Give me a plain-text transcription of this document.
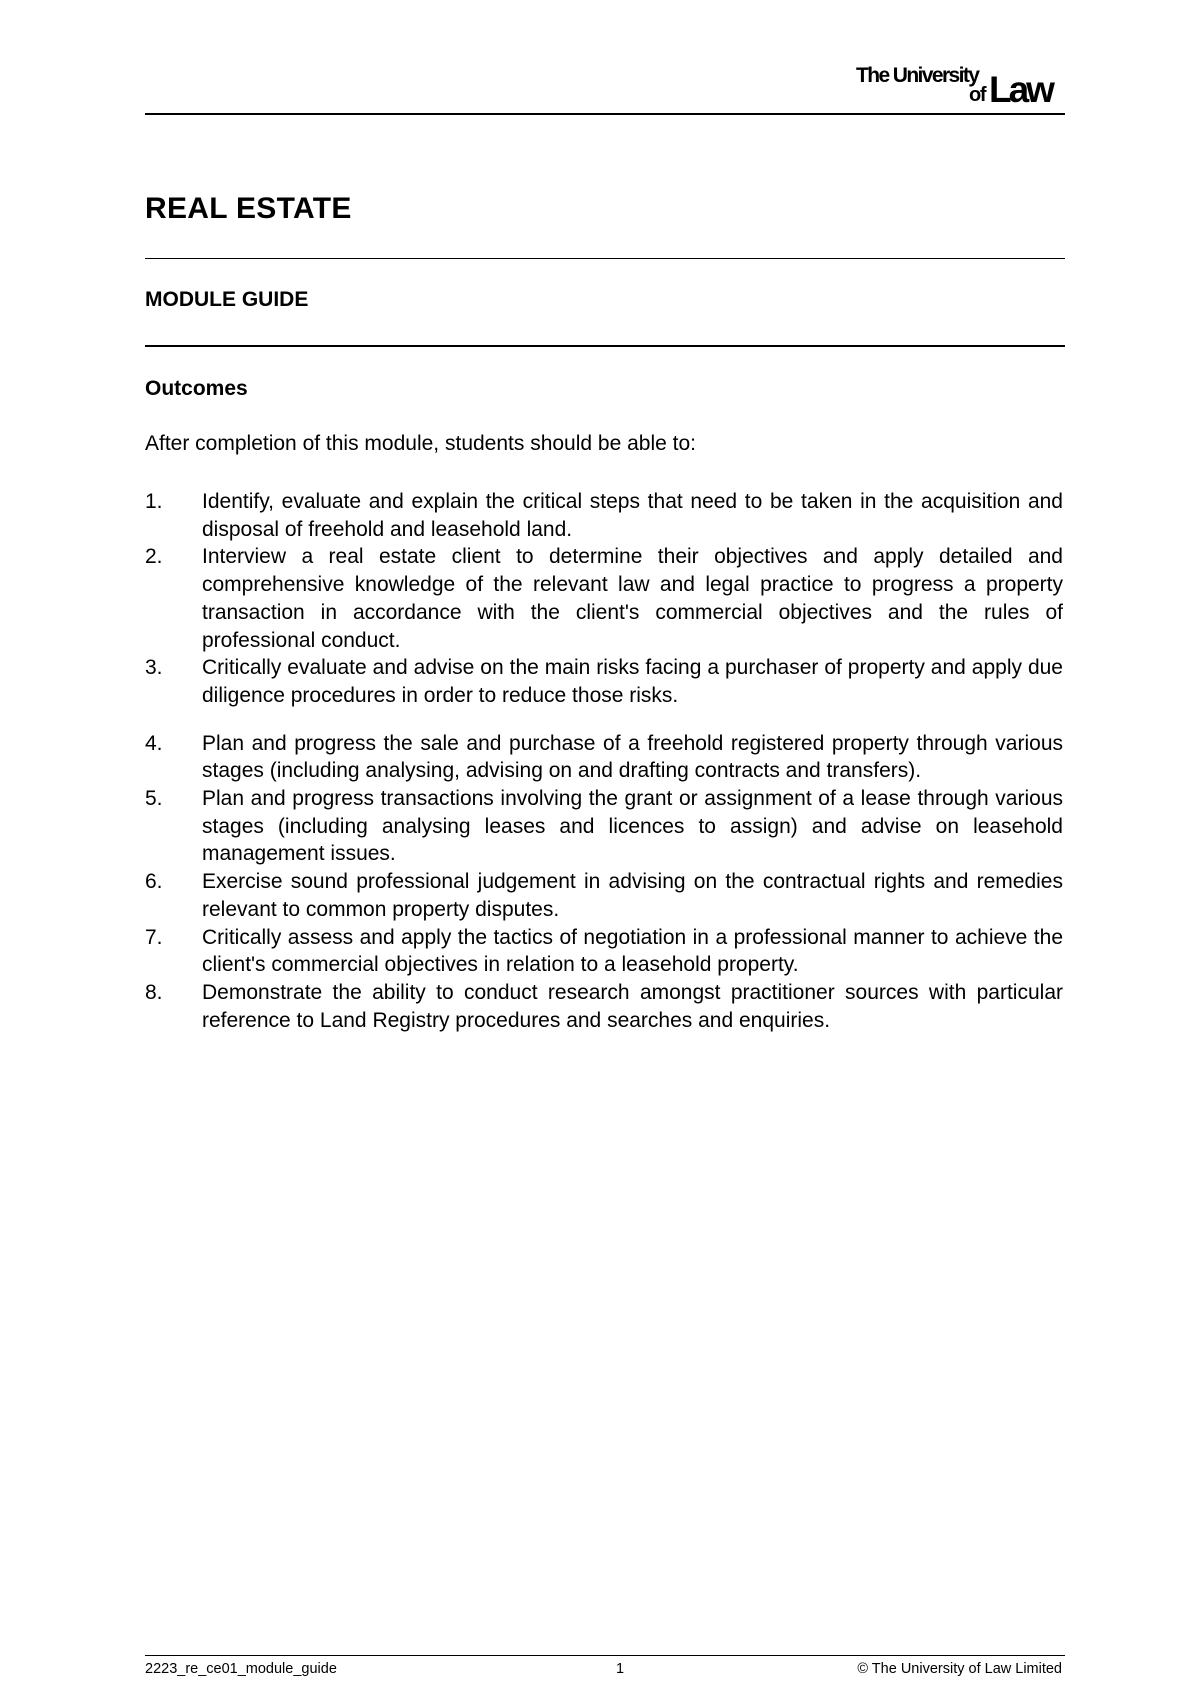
The University
of Law
REAL ESTATE
MODULE GUIDE
Outcomes

After completion of this module, students should be able to:

1.	Identify, evaluate and explain the critical steps that need to be taken in the acquisition and disposal of freehold and leasehold land.
2.	Interview a real estate client to determine their objectives and apply detailed and comprehensive knowledge of the relevant law and legal practice to progress a property transaction in accordance with the client's commercial objectives and the rules of professional conduct.
3.	Critically evaluate and advise on the main risks facing a purchaser of property and apply due diligence procedures in order to reduce those risks.
4.	Plan and progress the sale and purchase of a freehold registered property through various stages (including analysing, advising on and drafting contracts and transfers).
5.	Plan and progress transactions involving the grant or assignment of a lease through various stages (including analysing leases and licences to assign) and advise on leasehold management issues.
6.	Exercise sound professional judgement in advising on the contractual rights and remedies relevant to common property disputes.
7.	Critically assess and apply the tactics of negotiation in a professional manner to achieve the client's commercial objectives in relation to a leasehold property.
8.	Demonstrate the ability to conduct research amongst practitioner sources with particular reference to Land Registry procedures and searches and enquiries.
2223_re_ce01_module_guide	1	© The University of Law Limited
